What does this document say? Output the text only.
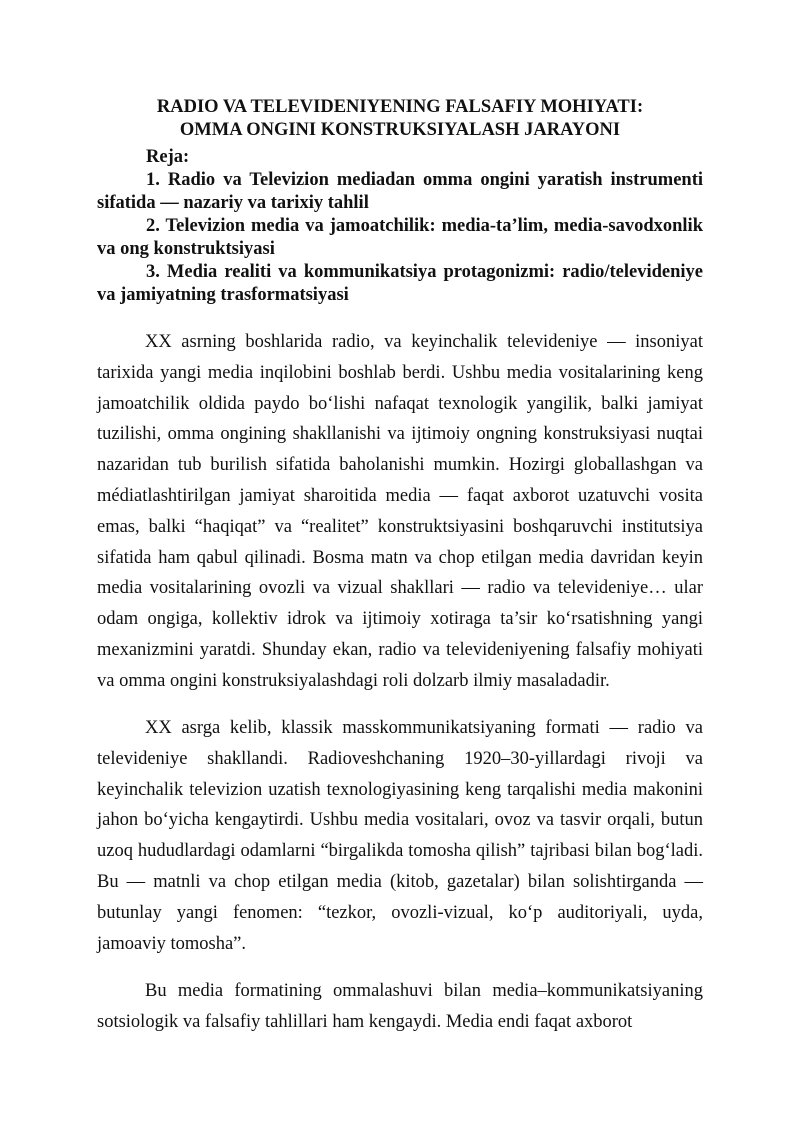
RADIO VA TELEVIDENIYENING FALSAFIY MOHIYATI:
OMMA ONGINI KONSTRUKSIYALASH JARAYONI
Reja:
1. Radio va Televizion mediadan omma ongini yaratish instrumenti sifatida — nazariy va tarixiy tahlil
2. Televizion media va jamoatchilik: media-ta’lim, media-savodxonlik va ong konstruktsiyasi
3. Media realiti va kommunikatsiya protagonizmi: radio/televideniye va jamiyatning trasformatsiyasi

XX asrning boshlarida radio, va keyinchalik televideniye — insoniyat tarixida yangi media inqilobini boshlab berdi. Ushbu media vositalarining keng jamoatchilik oldida paydo bo‘lishi nafaqat texnologik yangilik, balki jamiyat tuzilishi, omma ongining shakllanishi va ijtimoiy ongning konstruksiyasi nuqtai nazaridan tub burilish sifatida baholanishi mumkin. Hozirgi globallashgan va médiatlashtirilgan jamiyat sharoitida media — faqat axborot uzatuvchi vosita emas, balki “haqiqat” va “realitet” konstruktsiyasini boshqaruvchi institutsiya sifatida ham qabul qilinadi. Bosma matn va chop etilgan media davridan keyin media vositalarining ovozli va vizual shakllari — radio va televideniye… ular odam ongiga, kollektiv idrok va ijtimoiy xotiraga ta’sir ko‘rsatishning yangi mexanizmini yaratdi. Shunday ekan, radio va televideniyening falsafiy mohiyati va omma ongini konstruksiyalashdagi roli dolzarb ilmiy masaladadir.

XX asrga kelib, klassik masskommunikatsiyaning formati — radio va televideniye shakllandi. Radioveshchaning 1920–30-yillardagi rivoji va keyinchalik televizion uzatish texnologiyasining keng tarqalishi media makonini jahon bo‘yicha kengaytirdi. Ushbu media vositalari, ovoz va tasvir orqali, butun uzoq hududlardagi odamlarni “birgalikda tomosha qilish” tajribasi bilan bog‘ladi. Bu — matnli va chop etilgan media (kitob, gazetalar) bilan solishtirganda — butunlay yangi fenomen: “tezkor, ovozli-vizual, ko‘p auditoriyali, uyda, jamoaviy tomosha”.

Bu media formatining ommalashuvi bilan media–kommunikatsiyaning sotsiologik va falsafiy tahlillari ham kengaydi. Media endi faqat axborot
